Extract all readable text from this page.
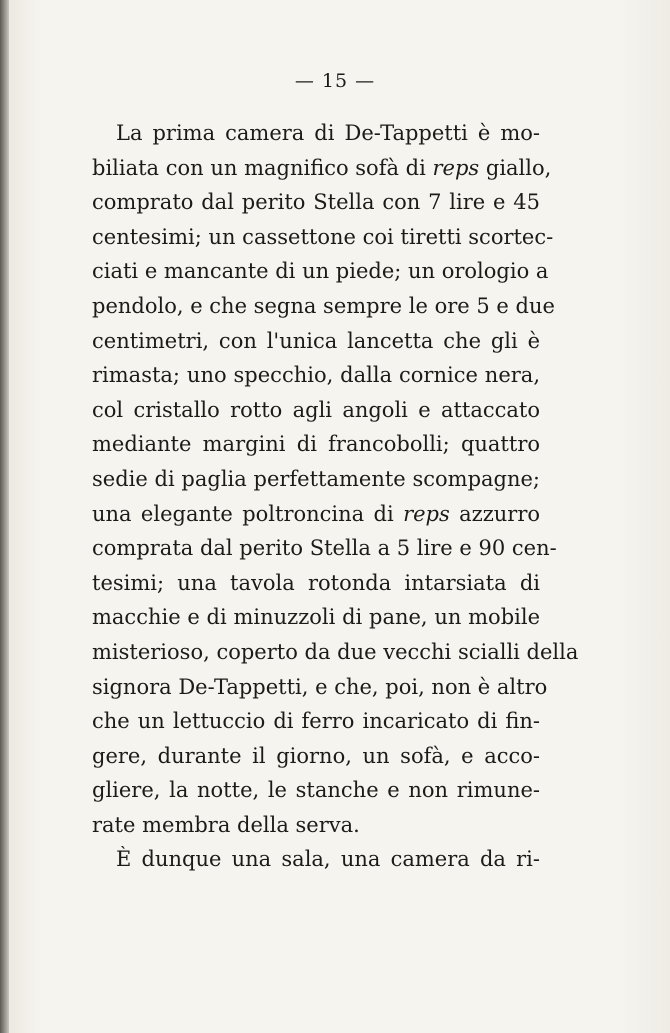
— 15 —
La prima camera di De-Tappetti è mo-
biliata con un magnifico sofà di reps giallo,
comprato dal perito Stella con 7 lire e 45
centesimi; un cassettone coi tiretti scortec-
ciati e mancante di un piede; un orologio a
pendolo, e che segna sempre le ore 5 e due
centimetri, con l'unica lancetta che gli è
rimasta; uno specchio, dalla cornice nera,
col cristallo rotto agli angoli e attaccato
mediante margini di francobolli; quattro
sedie di paglia perfettamente scompagne;
una elegante poltroncina di reps azzurro
comprata dal perito Stella a 5 lire e 90 cen-
tesimi; una tavola rotonda intarsiata di
macchie e di minuzzoli di pane, un mobile
misterioso, coperto da due vecchi scialli della
signora De-Tappetti, e che, poi, non è altro
che un lettuccio di ferro incaricato di fin-
gere, durante il giorno, un sofà, e acco-
gliere, la notte, le stanche e non rimune-
rate membra della serva.
È dunque una sala, una camera da ri-
